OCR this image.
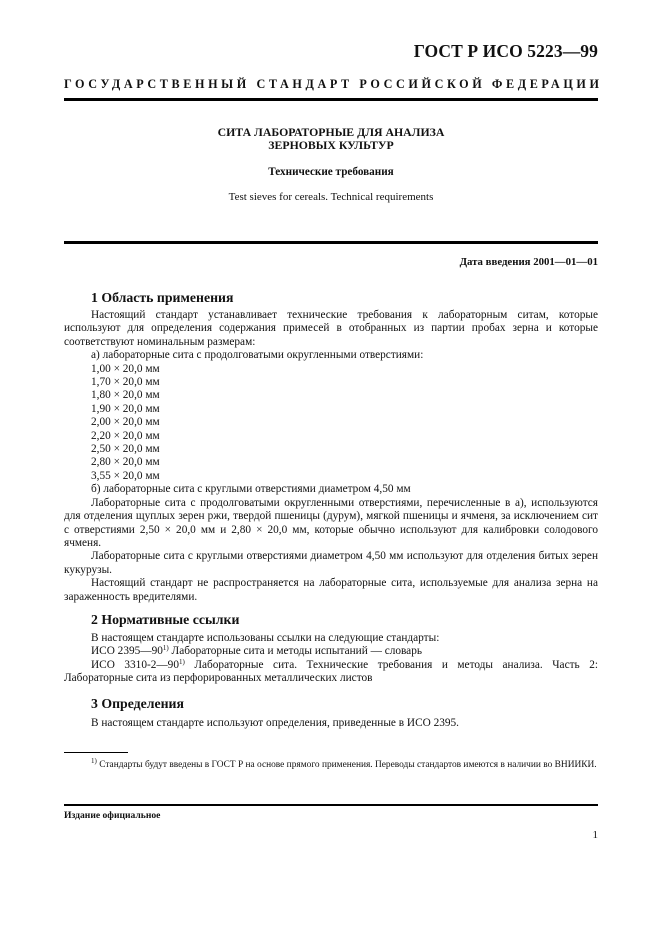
ГОСТ Р ИСО 5223—99
ГОСУДАРСТВЕННЫЙ СТАНДАРТ РОССИЙСКОЙ ФЕДЕРАЦИИ
СИТА ЛАБОРАТОРНЫЕ ДЛЯ АНАЛИЗА
ЗЕРНОВЫХ КУЛЬТУР
Технические требования
Test sieves for cereals. Technical requirements
Дата введения 2001—01—01
1 Область применения

Настоящий стандарт устанавливает технические требования к лабораторным ситам, которые используют для определения содержания примесей в отобранных из партии пробах зерна и которые соответствуют номинальным размерам:

а) лабораторные сита с продолговатыми округленными отверстиями:

1,00 × 20,0 мм

1,70 × 20,0 мм

1,80 × 20,0 мм

1,90 × 20,0 мм

2,00 × 20,0 мм

2,20 × 20,0 мм

2,50 × 20,0 мм

2,80 × 20,0 мм

3,55 × 20,0 мм

б) лабораторные сита с круглыми отверстиями диаметром 4,50 мм

Лабораторные сита с продолговатыми округленными отверстиями, перечисленные в а), используются для отделения щуплых зерен ржи, твердой пшеницы (дурум), мягкой пшеницы и ячменя, за исключением сит с отверстиями 2,50 × 20,0 мм и 2,80 × 20,0 мм, которые обычно используют для калибровки солодового ячменя.

Лабораторные сита с круглыми отверстиями диаметром 4,50 мм используют для отделения битых зерен кукурузы.

Настоящий стандарт не распространяется на лабораторные сита, используемые для анализа зерна на зараженность вредителями.

2 Нормативные ссылки

В настоящем стандарте использованы ссылки на следующие стандарты:

ИСО 2395—90$^{1)}$ Лабораторные сита и методы испытаний — словарь

ИСО 3310-2—90$^{1)}$ Лабораторные сита. Технические требования и методы анализа. Часть 2: Лабораторные сита из перфорированных металлических листов

3 Определения

В настоящем стандарте используют определения, приведенные в ИСО 2395.

$^{1)}$ Стандарты будут введены в ГОСТ Р на основе прямого применения. Переводы стандартов имеются в наличии во ВНИИКИ.

Издание официальное
1
